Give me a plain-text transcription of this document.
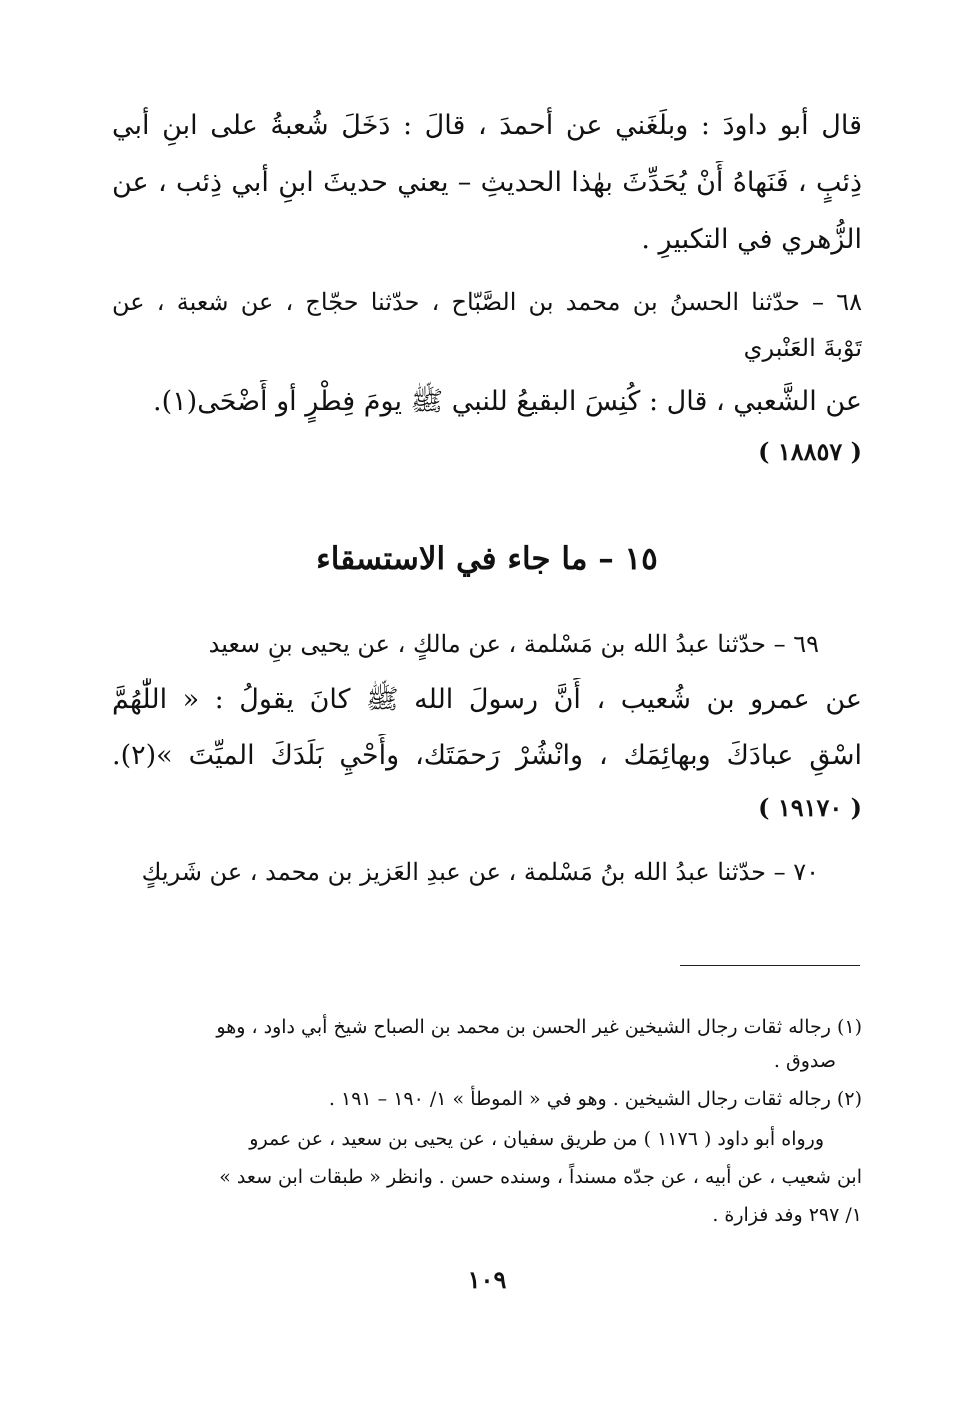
قال أبو داودَ : وبلَغَني عن أحمدَ ، قالَ : دَخَلَ شُعبةُ على ابنِ أبي
ذِئبٍ ، فَنَهاهُ أَنْ يُحَدِّثَ بهٰذا الحديثِ – يعني حديثَ ابنِ أبي ذِئب ، عن
الزُّهري في التكبيرِ .
٦٨ – حدّثنا الحسنُ بن محمد بن الصَّبّاح ، حدّثنا حجّاج ، عن شعبة ، عن
تَوْبةَ العَنْبري
عن الشَّعبي ، قال : كُنِسَ البقيعُ للنبي ﷺ يومَ فِطْرٍ أو أَضْحَى(١).
( ١٨٨٥٧ )
١٥ – ما جاء في الاستسقاء
٦٩ – حدّثنا عبدُ الله بن مَسْلمة ، عن مالكٍ ، عن يحيى بنِ سعيد
عن عمرو بن شُعيب ، أَنَّ رسولَ الله ﷺ كانَ يقولُ : « اللّٰهُمَّ
اسْقِ عبادَكَ وبهائِمَك ، وانْشُرْ رَحمَتَك، وأَحْيِ بَلَدَكَ الميِّتَ »(٢).
( ١٩١٧٠ )
٧٠ – حدّثنا عبدُ الله بنُ مَسْلمة ، عن عبدِ العَزيز بن محمد ، عن شَريكٍ
(١) رجاله ثقات رجال الشيخين غير الحسن بن محمد بن الصباح شيخ أبي داود ، وهو
صدوق .
(٢) رجاله ثقات رجال الشيخين . وهو في « الموطأ » ١/ ١٩٠ – ١٩١ .
ورواه أبو داود ( ١١٧٦ ) من طريق سفيان ، عن يحيى بن سعيد ، عن عمرو
ابن شعيب ، عن أبيه ، عن جدّه مسنداً ، وسنده حسن . وانظر « طبقات ابن سعد »
١/ ٢٩٧ وفد فزارة .
١٠٩
